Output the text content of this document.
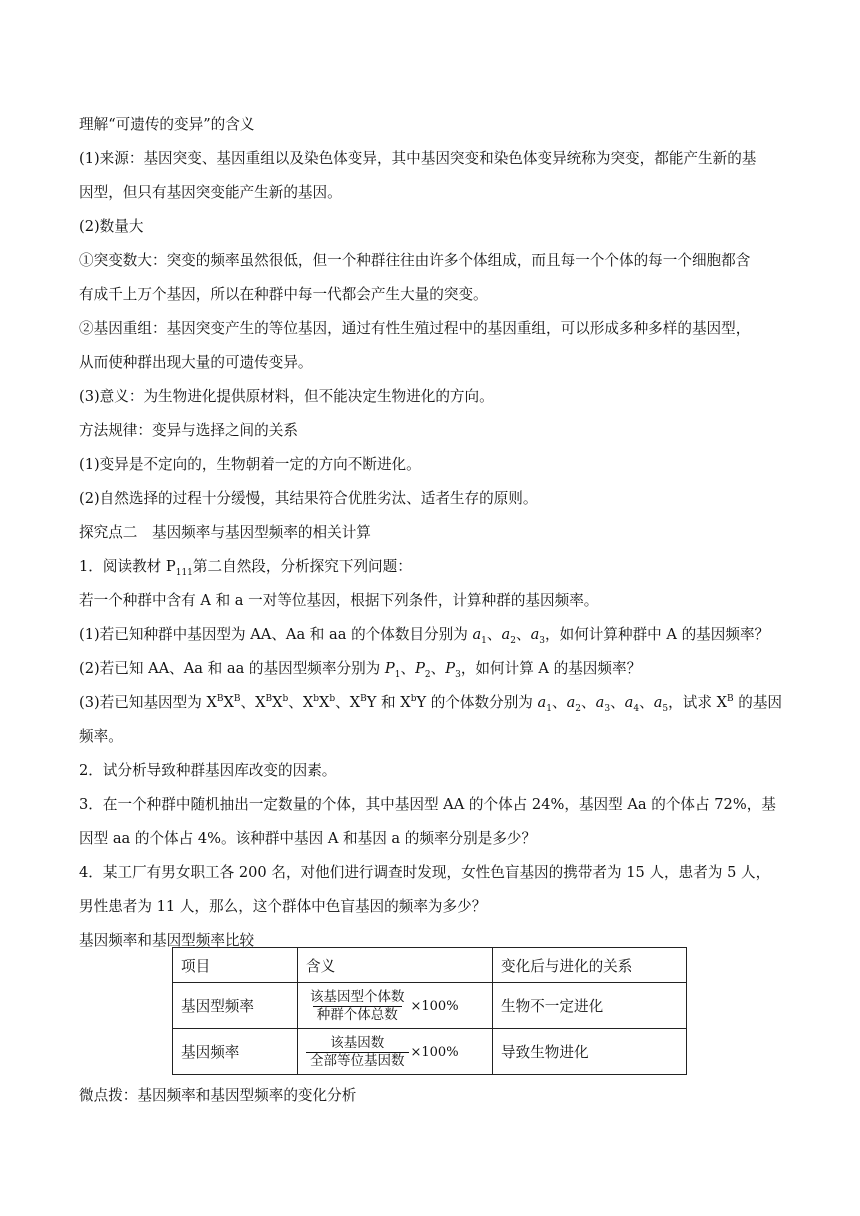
理解“可遗传的变异”的含义
(1)来源：基因突变、基因重组以及染色体变异，其中基因突变和染色体变异统称为突变，都能产生新的基
因型，但只有基因突变能产生新的基因。
(2)数量大
①突变数大：突变的频率虽然很低，但一个种群往往由许多个体组成，而且每一个个体的每一个细胞都含
有成千上万个基因，所以在种群中每一代都会产生大量的突变。
②基因重组：基因突变产生的等位基因，通过有性生殖过程中的基因重组，可以形成多种多样的基因型，
从而使种群出现大量的可遗传变异。
(3)意义：为生物进化提供原材料，但不能决定生物进化的方向。
方法规律：变异与选择之间的关系
(1)变异是不定向的，生物朝着一定的方向不断进化。
(2)自然选择的过程十分缓慢，其结果符合优胜劣汰、适者生存的原则。
探究点二　基因频率与基因型频率的相关计算
1．阅读教材 $P_{111}$第二自然段，分析探究下列问题：
若一个种群中含有 A 和 a 一对等位基因，根据下列条件，计算种群的基因频率。
(1)若已知种群中基因型为 AA、Aa 和 aa 的个体数目分别为 $a_1$、$a_2$、$a_3$，如何计算种群中 A 的基因频率？
(2)若已知 AA、Aa 和 aa 的基因型频率分别为 $P_1$、$P_2$、$P_3$，如何计算 A 的基因频率？
(3)若已知基因型为 $X^BX^B$、$X^BX^b$、$X^bX^b$、$X^BY$ 和 $X^bY$ 的个体数分别为 $a_1$、$a_2$、$a_3$、$a_4$、$a_5$，试求 $X^B$ 的基因
频率。
2．试分析导致种群基因库改变的因素。
3．在一个种群中随机抽出一定数量的个体，其中基因型 AA 的个体占 24%，基因型 Aa 的个体占 72%，基
因型 aa 的个体占 4%。该种群中基因 A 和基因 a 的频率分别是多少？
4．某工厂有男女职工各 200 名，对他们进行调查时发现，女性色盲基因的携带者为 15 人，患者为 5 人，
男性患者为 11 人，那么，这个群体中色盲基因的频率为多少？
基因频率和基因型频率比较
项目	含义	变化后与进化的关系
基因型频率	$\frac{\text{该基因型个体数}}{\text{种群个体总数}} \times 100\%$	生物不一定进化
基因频率	$\frac{\text{该基因数}}{\text{全部等位基因数}} \times 100\%$	导致生物进化
微点拨：基因频率和基因型频率的变化分析
